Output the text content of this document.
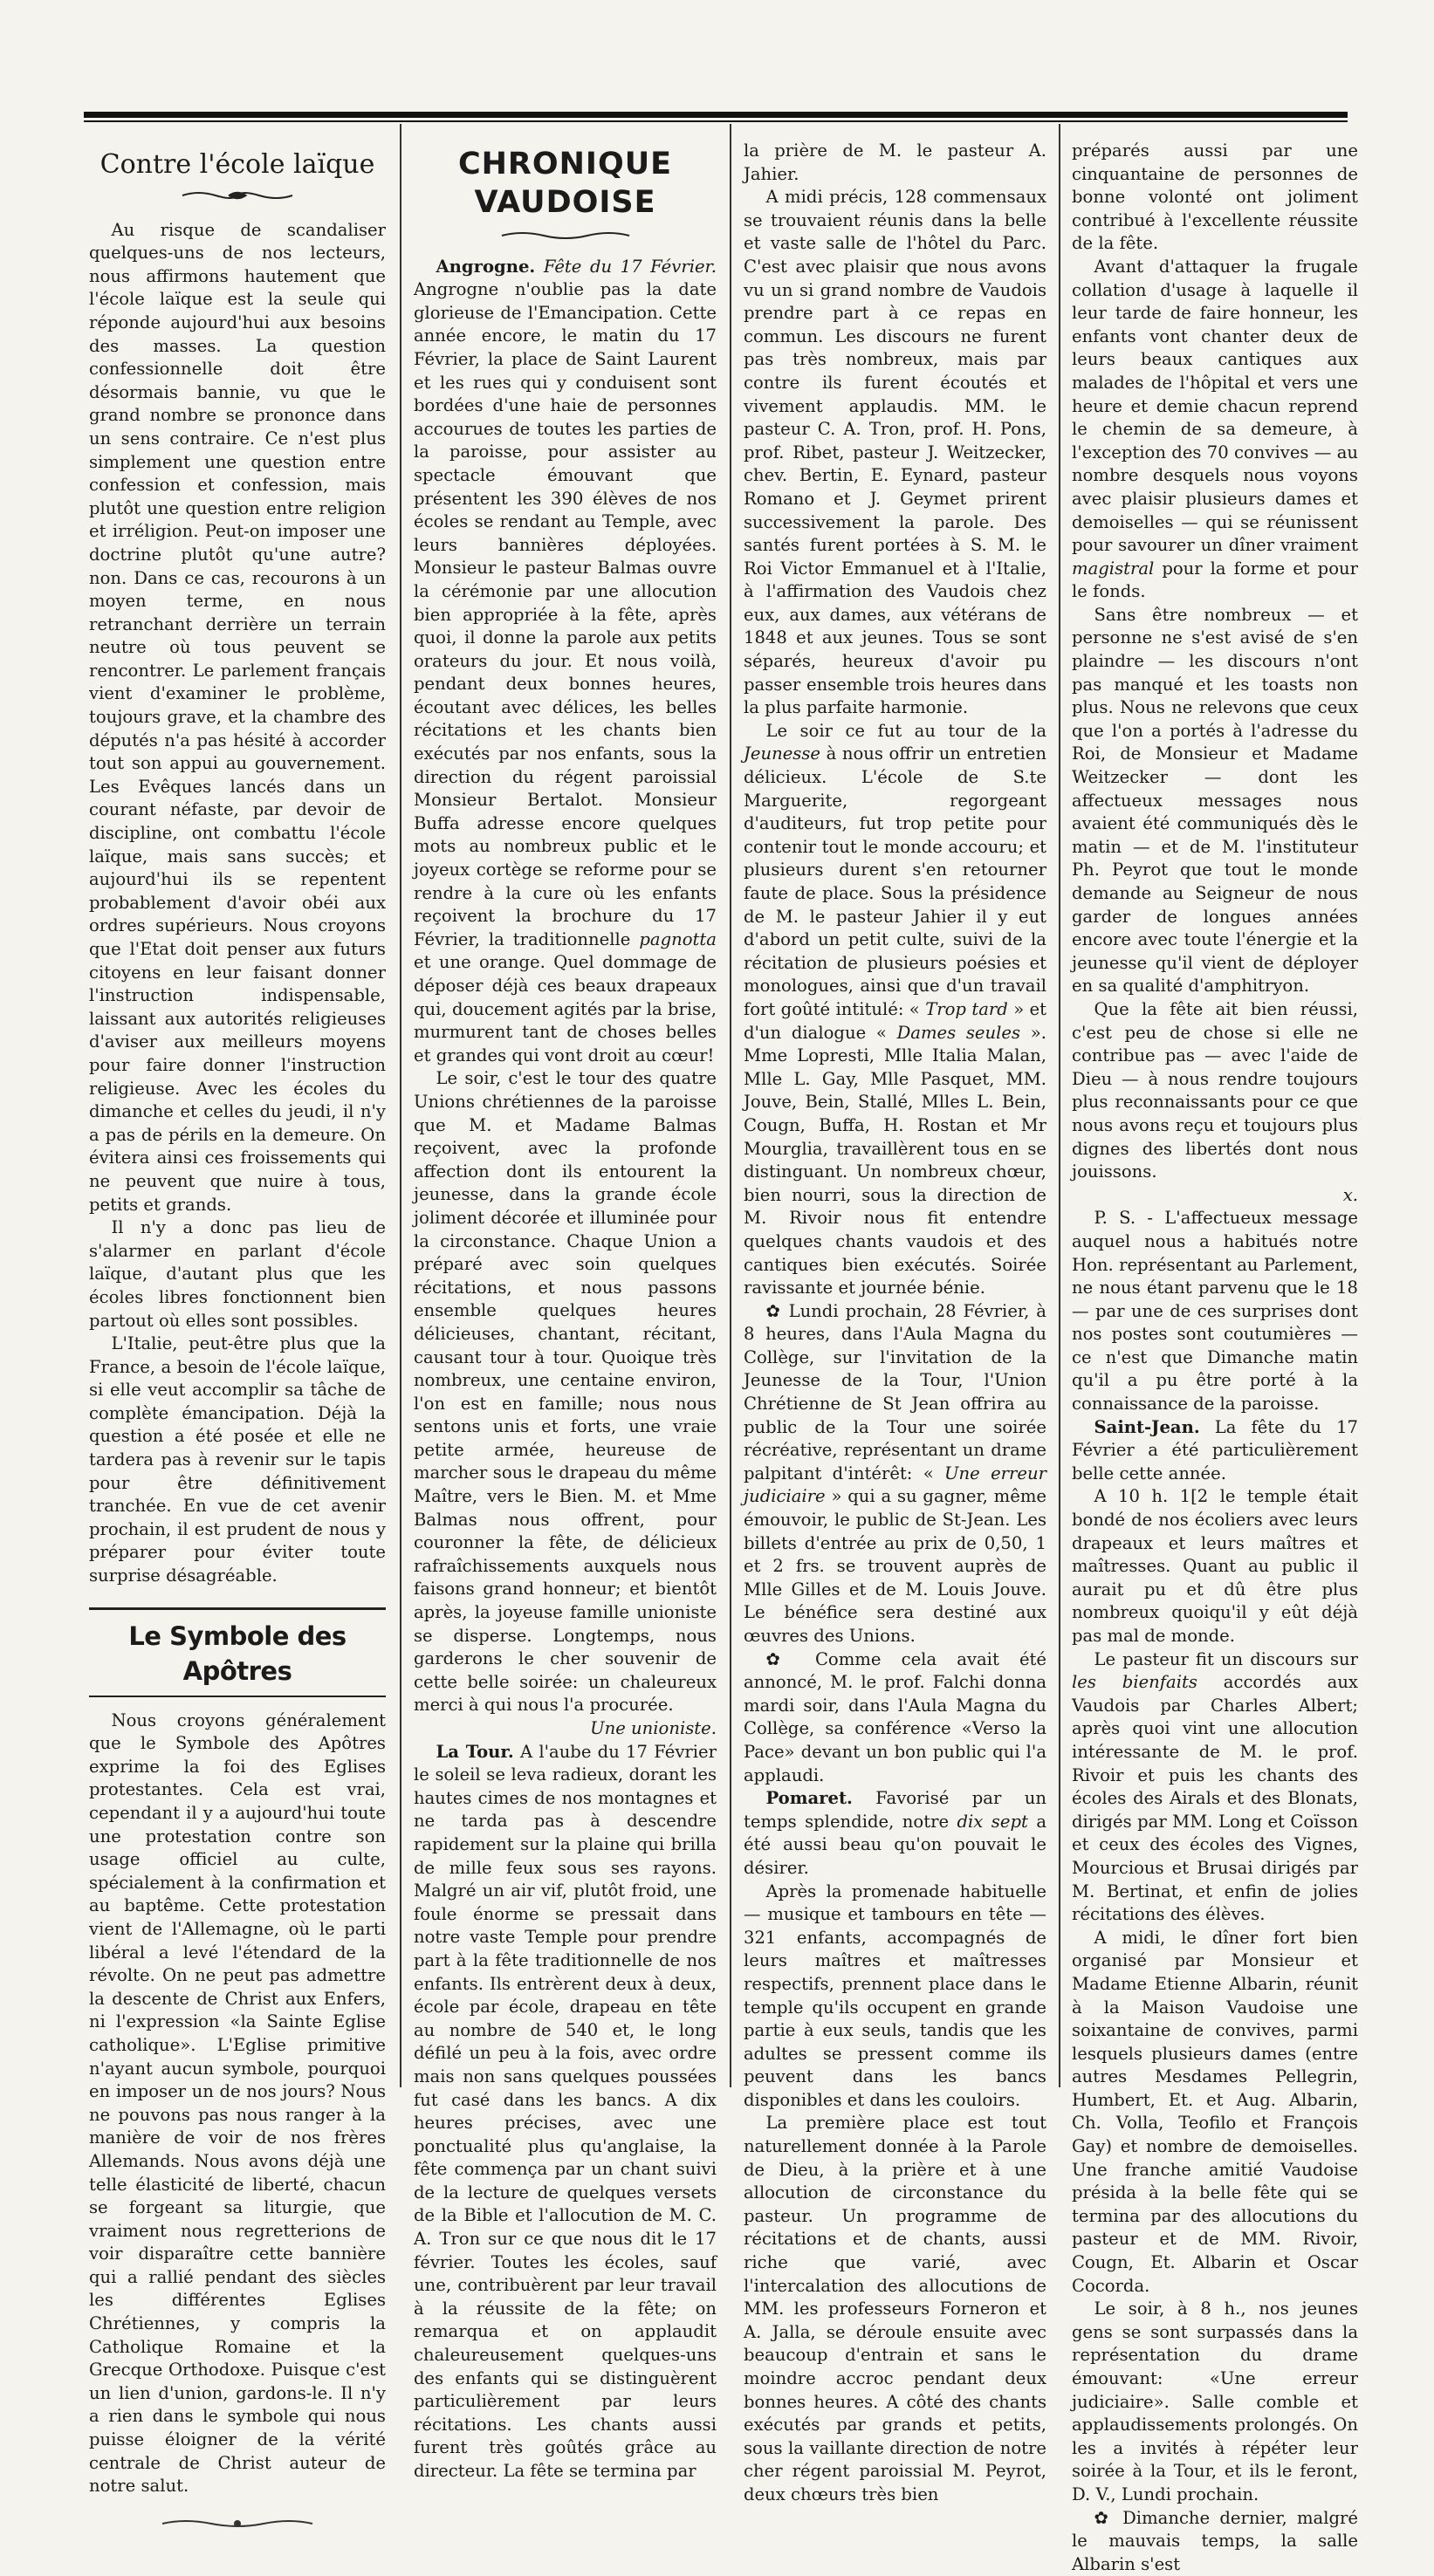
Contre l'école laïque

Au risque de scandaliser quelques-uns de nos lecteurs, nous affirmons hautement que l'école laïque est la seule qui réponde aujourd'hui aux besoins des masses. La question confessionnelle doit être désormais bannie, vu que le grand nombre se prononce dans un sens contraire. Ce n'est plus simplement une question entre confession et confession, mais plutôt une question entre religion et irréligion. Peut-on imposer une doctrine plutôt qu'une autre? non. Dans ce cas, recourons à un moyen terme, en nous retranchant derrière un terrain neutre où tous peuvent se rencontrer. Le parlement français vient d'examiner le problème, toujours grave, et la chambre des députés n'a pas hésité à accorder tout son appui au gouvernement. Les Evêques lancés dans un courant néfaste, par devoir de discipline, ont combattu l'école laïque, mais sans succès; et aujourd'hui ils se repentent probablement d'avoir obéi aux ordres supérieurs. Nous croyons que l'Etat doit penser aux futurs citoyens en leur faisant donner l'instruction indispensable, laissant aux autorités religieuses d'aviser aux meilleurs moyens pour faire donner l'instruction religieuse. Avec les écoles du dimanche et celles du jeudi, il n'y a pas de périls en la demeure. On évitera ainsi ces froissements qui ne peuvent que nuire à tous, petits et grands.

Il n'y a donc pas lieu de s'alarmer en parlant d'école laïque, d'autant plus que les écoles libres fonctionnent bien partout où elles sont possibles.

L'Italie, peut-être plus que la France, a besoin de l'école laïque, si elle veut accomplir sa tâche de complète émancipation. Déjà la question a été posée et elle ne tardera pas à revenir sur le tapis pour être définitivement tranchée. En vue de cet avenir prochain, il est prudent de nous y préparer pour éviter toute surprise désagréable.

Le Symbole des Apôtres

Nous croyons généralement que le Symbole des Apôtres exprime la foi des Eglises protestantes. Cela est vrai, cependant il y a aujourd'hui toute une protestation contre son usage officiel au culte, spécialement à la confirmation et au baptême. Cette protestation vient de l'Allemagne, où le parti libéral a levé l'étendard de la révolte. On ne peut pas admettre la descente de Christ aux Enfers, ni l'expression «la Sainte Eglise catholique». L'Eglise primitive n'ayant aucun symbole, pourquoi en imposer un de nos jours? Nous ne pouvons pas nous ranger à la manière de voir de nos frères Allemands. Nous avons déjà une telle élasticité de liberté, chacun se forgeant sa liturgie, que vraiment nous regretterions de voir disparaître cette bannière qui a rallié pendant des siècles les différentes Eglises Chrétiennes, y compris la Catholique Romaine et la Grecque Orthodoxe. Puisque c'est un lien d'union, gardons-le. Il n'y a rien dans le symbole qui nous puisse éloigner de la vérité centrale de Christ auteur de notre salut.

CHRONIQUE VAUDOISE

Angrogne. Fête du 17 Février. Angrogne n'oublie pas la date glorieuse de l'Emancipation. Cette année encore, le matin du 17 Février, la place de Saint Laurent et les rues qui y conduisent sont bordées d'une haie de personnes accourues de toutes les parties de la paroisse, pour assister au spectacle émouvant que présentent les 390 élèves de nos écoles se rendant au Temple, avec leurs bannières déployées. Monsieur le pasteur Balmas ouvre la cérémonie par une allocution bien appropriée à la fête, après quoi, il donne la parole aux petits orateurs du jour. Et nous voilà, pendant deux bonnes heures, écoutant avec délices, les belles récitations et les chants bien exécutés par nos enfants, sous la direction du régent paroissial Monsieur Bertalot. Monsieur Buffa adresse encore quelques mots au nombreux public et le joyeux cortège se reforme pour se rendre à la cure où les enfants reçoivent la brochure du 17 Février, la traditionnelle pagnotta et une orange. Quel dommage de déposer déjà ces beaux drapeaux qui, doucement agités par la brise, murmurent tant de choses belles et grandes qui vont droit au cœur!

Le soir, c'est le tour des quatre Unions chrétiennes de la paroisse que M. et Madame Balmas reçoivent, avec la profonde affection dont ils entourent la jeunesse, dans la grande école joliment décorée et illuminée pour la circonstance. Chaque Union a préparé avec soin quelques récitations, et nous passons ensemble quelques heures délicieuses, chantant, récitant, causant tour à tour. Quoique très nombreux, une centaine environ, l'on est en famille; nous nous sentons unis et forts, une vraie petite armée, heureuse de marcher sous le drapeau du même Maître, vers le Bien. M. et Mme Balmas nous offrent, pour couronner la fête, de délicieux rafraîchissements auxquels nous faisons grand honneur; et bientôt après, la joyeuse famille unioniste se disperse. Longtemps, nous garderons le cher souvenir de cette belle soirée: un chaleureux merci à qui nous l'a procurée.

Une unioniste.

La Tour. A l'aube du 17 Février le soleil se leva radieux, dorant les hautes cimes de nos montagnes et ne tarda pas à descendre rapidement sur la plaine qui brilla de mille feux sous ses rayons. Malgré un air vif, plutôt froid, une foule énorme se pressait dans notre vaste Temple pour prendre part à la fête traditionnelle de nos enfants. Ils entrèrent deux à deux, école par école, drapeau en tête au nombre de 540 et, le long défilé un peu à la fois, avec ordre mais non sans quelques poussées fut casé dans les bancs. A dix heures précises, avec une ponctualité plus qu'anglaise, la fête commença par un chant suivi de la lecture de quelques versets de la Bible et l'allocution de M. C. A. Tron sur ce que nous dit le 17 février. Toutes les écoles, sauf une, contribuèrent par leur travail à la réussite de la fête; on remarqua et on applaudit chaleureusement quelques-uns des enfants qui se distinguèrent particulièrement par leurs récitations. Les chants aussi furent très goûtés grâce au directeur. La fête se termina par

la prière de M. le pasteur A. Jahier.

A midi précis, 128 commensaux se trouvaient réunis dans la belle et vaste salle de l'hôtel du Parc. C'est avec plaisir que nous avons vu un si grand nombre de Vaudois prendre part à ce repas en commun. Les discours ne furent pas très nombreux, mais par contre ils furent écoutés et vivement applaudis. MM. le pasteur C. A. Tron, prof. H. Pons, prof. Ribet, pasteur J. Weitzecker, chev. Bertin, E. Eynard, pasteur Romano et J. Geymet prirent successivement la parole. Des santés furent portées à S. M. le Roi Victor Emmanuel et à l'Italie, à l'affirmation des Vaudois chez eux, aux dames, aux vétérans de 1848 et aux jeunes. Tous se sont séparés, heureux d'avoir pu passer ensemble trois heures dans la plus parfaite harmonie.

Le soir ce fut au tour de la Jeunesse à nous offrir un entretien délicieux. L'école de S.te Marguerite, regorgeant d'auditeurs, fut trop petite pour contenir tout le monde accouru; et plusieurs durent s'en retourner faute de place. Sous la présidence de M. le pasteur Jahier il y eut d'abord un petit culte, suivi de la récitation de plusieurs poésies et monologues, ainsi que d'un travail fort goûté intitulé: « Trop tard » et d'un dialogue « Dames seules ». Mme Lopresti, Mlle Italia Malan, Mlle L. Gay, Mlle Pasquet, MM. Jouve, Bein, Stallé, Mlles L. Bein, Cougn, Buffa, H. Rostan et Mr Mourglia, travaillèrent tous en se distinguant. Un nombreux chœur, bien nourri, sous la direction de M. Rivoir nous fit entendre quelques chants vaudois et des cantiques bien exécutés. Soirée ravissante et journée bénie.

✿ Lundi prochain, 28 Février, à 8 heures, dans l'Aula Magna du Collège, sur l'invitation de la Jeunesse de la Tour, l'Union Chrétienne de St Jean offrira au public de la Tour une soirée récréative, représentant un drame palpitant d'intérêt: « Une erreur judiciaire » qui a su gagner, même émouvoir, le public de St-Jean. Les billets d'entrée au prix de 0,50, 1 et 2 frs. se trouvent auprès de Mlle Gilles et de M. Louis Jouve. Le bénéfice sera destiné aux œuvres des Unions.

✿ Comme cela avait été annoncé, M. le prof. Falchi donna mardi soir, dans l'Aula Magna du Collège, sa conférence «Verso la Pace» devant un bon public qui l'a applaudi.

Pomaret. Favorisé par un temps splendide, notre dix sept a été aussi beau qu'on pouvait le désirer.

Après la promenade habituelle — musique et tambours en tête — 321 enfants, accompagnés de leurs maîtres et maîtresses respectifs, prennent place dans le temple qu'ils occupent en grande partie à eux seuls, tandis que les adultes se pressent comme ils peuvent dans les bancs disponibles et dans les couloirs.

La première place est tout naturellement donnée à la Parole de Dieu, à la prière et à une allocution de circonstance du pasteur. Un programme de récitations et de chants, aussi riche que varié, avec l'intercalation des allocutions de MM. les professeurs Forneron et A. Jalla, se déroule ensuite avec beaucoup d'entrain et sans le moindre accroc pendant deux bonnes heures. A côté des chants exécutés par grands et petits, sous la vaillante direction de notre cher régent paroissial M. Peyrot, deux chœurs très bien

préparés aussi par une cinquantaine de personnes de bonne volonté ont joliment contribué à l'excellente réussite de la fête.

Avant d'attaquer la frugale collation d'usage à laquelle il leur tarde de faire honneur, les enfants vont chanter deux de leurs beaux cantiques aux malades de l'hôpital et vers une heure et demie chacun reprend le chemin de sa demeure, à l'exception des 70 convives — au nombre desquels nous voyons avec plaisir plusieurs dames et demoiselles — qui se réunissent pour savourer un dîner vraiment magistral pour la forme et pour le fonds.

Sans être nombreux — et personne ne s'est avisé de s'en plaindre — les discours n'ont pas manqué et les toasts non plus. Nous ne relevons que ceux que l'on a portés à l'adresse du Roi, de Monsieur et Madame Weitzecker — dont les affectueux messages nous avaient été communiqués dès le matin — et de M. l'instituteur Ph. Peyrot que tout le monde demande au Seigneur de nous garder de longues années encore avec toute l'énergie et la jeunesse qu'il vient de déployer en sa qualité d'amphitryon.

Que la fête ait bien réussi, c'est peu de chose si elle ne contribue pas — avec l'aide de Dieu — à nous rendre toujours plus reconnaissants pour ce que nous avons reçu et toujours plus dignes des libertés dont nous jouissons.

x.

P. S. - L'affectueux message auquel nous a habitués notre Hon. représentant au Parlement, ne nous étant parvenu que le 18 — par une de ces surprises dont nos postes sont coutumières — ce n'est que Dimanche matin qu'il a pu être porté à la connaissance de la paroisse.

Saint-Jean. La fête du 17 Février a été particulièrement belle cette année.

A 10 h. 1[2 le temple était bondé de nos écoliers avec leurs drapeaux et leurs maîtres et maîtresses. Quant au public il aurait pu et dû être plus nombreux quoiqu'il y eût déjà pas mal de monde.

Le pasteur fit un discours sur les bienfaits accordés aux Vaudois par Charles Albert; après quoi vint une allocution intéressante de M. le prof. Rivoir et puis les chants des écoles des Airals et des Blonats, dirigés par MM. Long et Coïsson et ceux des écoles des Vignes, Mourcious et Brusai dirigés par M. Bertinat, et enfin de jolies récitations des élèves.

A midi, le dîner fort bien organisé par Monsieur et Madame Etienne Albarin, réunit à la Maison Vaudoise une soixantaine de convives, parmi lesquels plusieurs dames (entre autres Mesdames Pellegrin, Humbert, Et. et Aug. Albarin, Ch. Volla, Teofilo et François Gay) et nombre de demoiselles. Une franche amitié Vaudoise présida à la belle fête qui se termina par des allocutions du pasteur et de MM. Rivoir, Cougn, Et. Albarin et Oscar Cocorda.

Le soir, à 8 h., nos jeunes gens se sont surpassés dans la représentation du drame émouvant: «Une erreur judiciaire». Salle comble et applaudissements prolongés. On les a invités à répéter leur soirée à la Tour, et ils le feront, D. V., Lundi prochain.

✿ Dimanche dernier, malgré le mauvais temps, la salle Albarin s'est
